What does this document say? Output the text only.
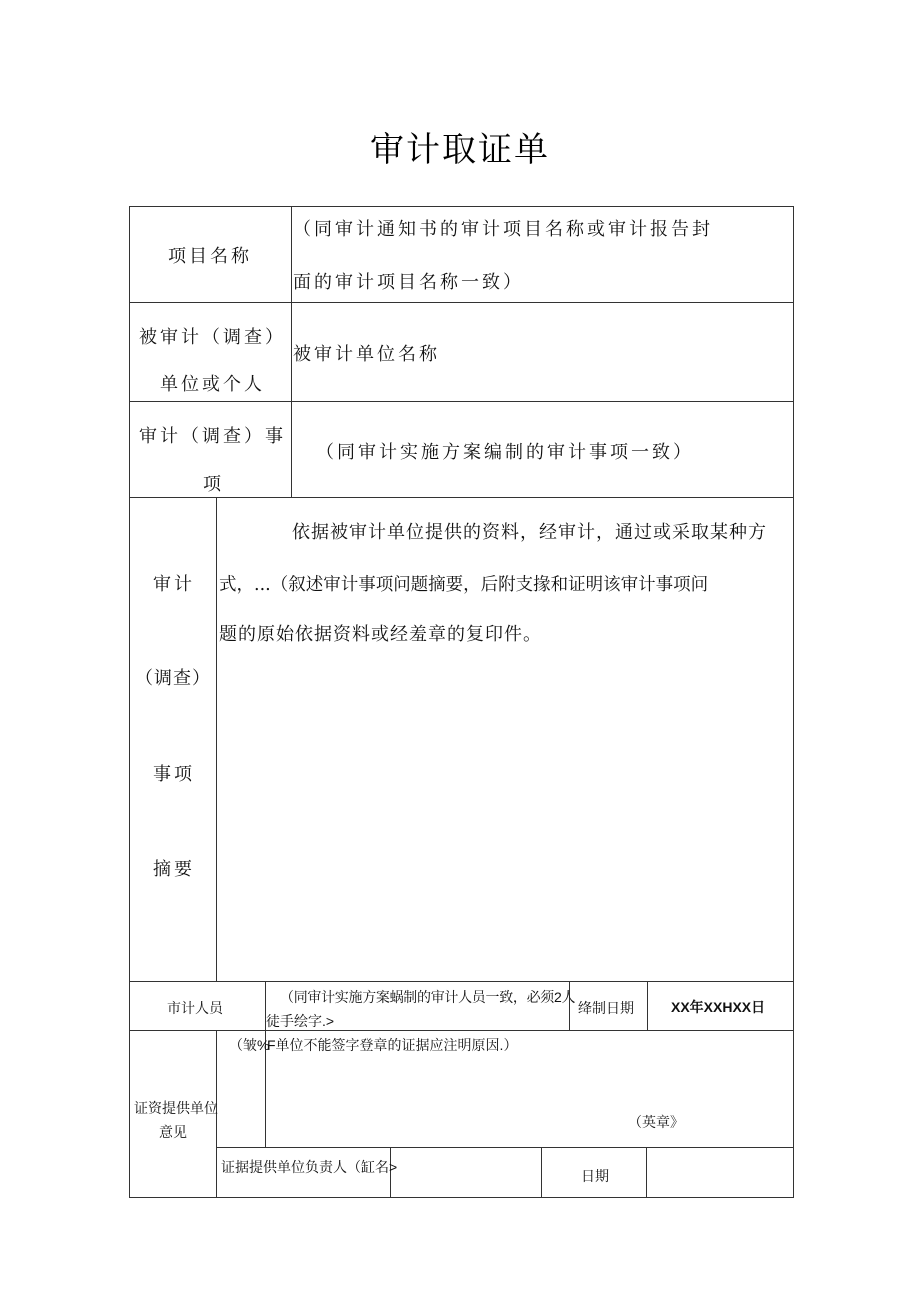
审计取证单
项目名称
（同审计通知书的审计项目名称或审计报告封
面的审计项目名称一致）
被审计（调查）
单位或个人
被审计单位名称
审计（调查）事
项
（同审计实施方案编制的审计事项一致）
审计
（调查）
事项
摘要
依据被审计单位提供的资料，经审计，通过或采取某种方
式，...（叙述审计事项问题摘要，后附支掾和证明该审计事项问
题的原始依据资料或经羞章的复印件。
市计人员
（同审计实施方案蜗制的审计人员一致，必须2人
徒手绘字.>
绛制日期	XX年XXHXX日
证资提供单位
意见
（皱%
F单位不能签字登章的证据应注明原因.）
（英章》
证据提供单位负责人（缸名>
日期
